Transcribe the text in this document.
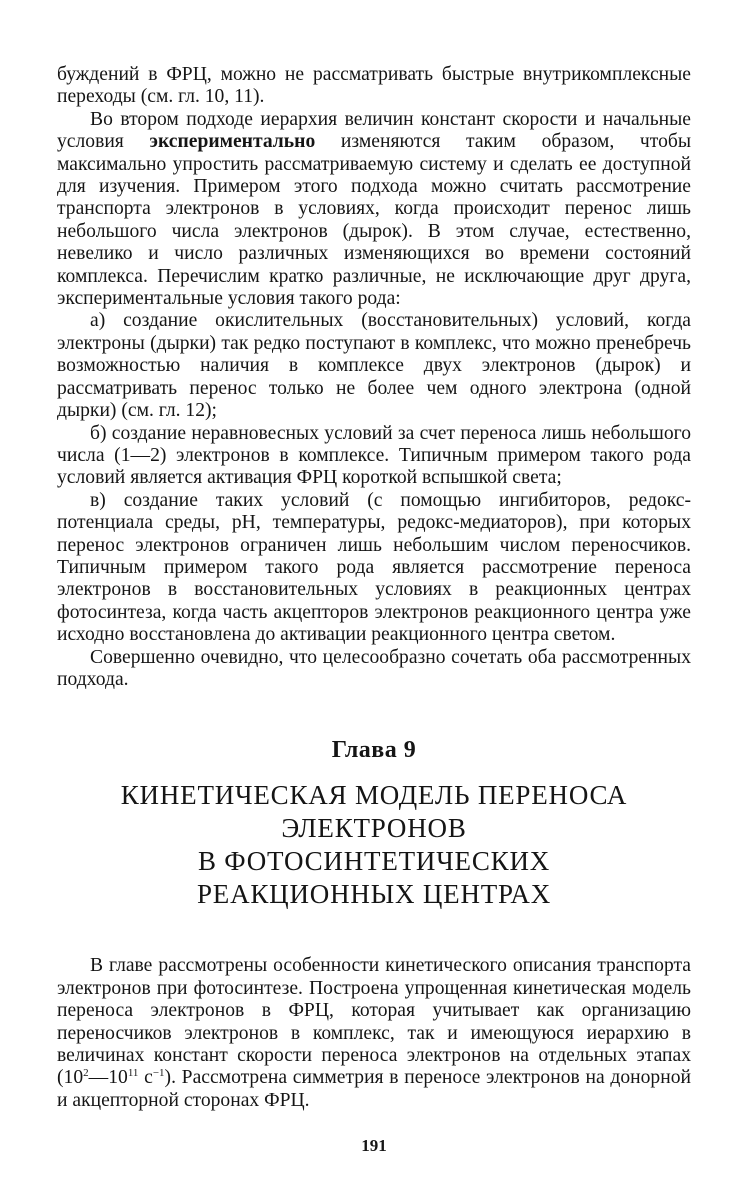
буждений в ФРЦ, можно не рассматривать быстрые внутрикомплексные переходы (см. гл. 10, 11).

Во втором подходе иерархия величин констант скорости и начальные условия экспериментально изменяются таким образом, чтобы максимально упростить рассматриваемую систему и сделать ее доступной для изучения. Примером этого подхода можно считать рассмотрение транспорта электронов в условиях, когда происходит перенос лишь небольшого числа электронов (дырок). В этом случае, естественно, невелико и число различных изменяющихся во времени состояний комплекса. Перечислим кратко различные, не исключающие друг друга, экспериментальные условия такого рода:

а) создание окислительных (восстановительных) условий, когда электроны (дырки) так редко поступают в комплекс, что можно пренебречь возможностью наличия в комплексе двух электронов (дырок) и рассматривать перенос только не более чем одного электрона (одной дырки) (см. гл. 12);

б) создание неравновесных условий за счет переноса лишь небольшого числа (1—2) электронов в комплексе. Типичным примером такого рода условий является активация ФРЦ короткой вспышкой света;

в) создание таких условий (с помощью ингибиторов, редокс-потенциала среды, pH, температуры, редокс-медиаторов), при которых перенос электронов ограничен лишь небольшим числом переносчиков. Типичным примером такого рода является рассмотрение переноса электронов в восстановительных условиях в реакционных центрах фотосинтеза, когда часть акцепторов электронов реакционного центра уже исходно восстановлена до активации реакционного центра светом.

Совершенно очевидно, что целесообразно сочетать оба рассмотренных подхода.

Глава 9
КИНЕТИЧЕСКАЯ МОДЕЛЬ ПЕРЕНОСА
ЭЛЕКТРОНОВ
В ФОТОСИНТЕТИЧЕСКИХ
РЕАКЦИОННЫХ ЦЕНТРАХ

В главе рассмотрены особенности кинетического описания транспорта электронов при фотосинтезе. Построена упрощенная кинетическая модель переноса электронов в ФРЦ, которая учитывает как организацию переносчиков электронов в комплекс, так и имеющуюся иерархию в величинах констант скорости переноса электронов на отдельных этапах ($10^2—10^{11}$ $с^{-1}$). Рассмотрена симметрия в переносе электронов на донорной и акцепторной сторонах ФРЦ.

191
